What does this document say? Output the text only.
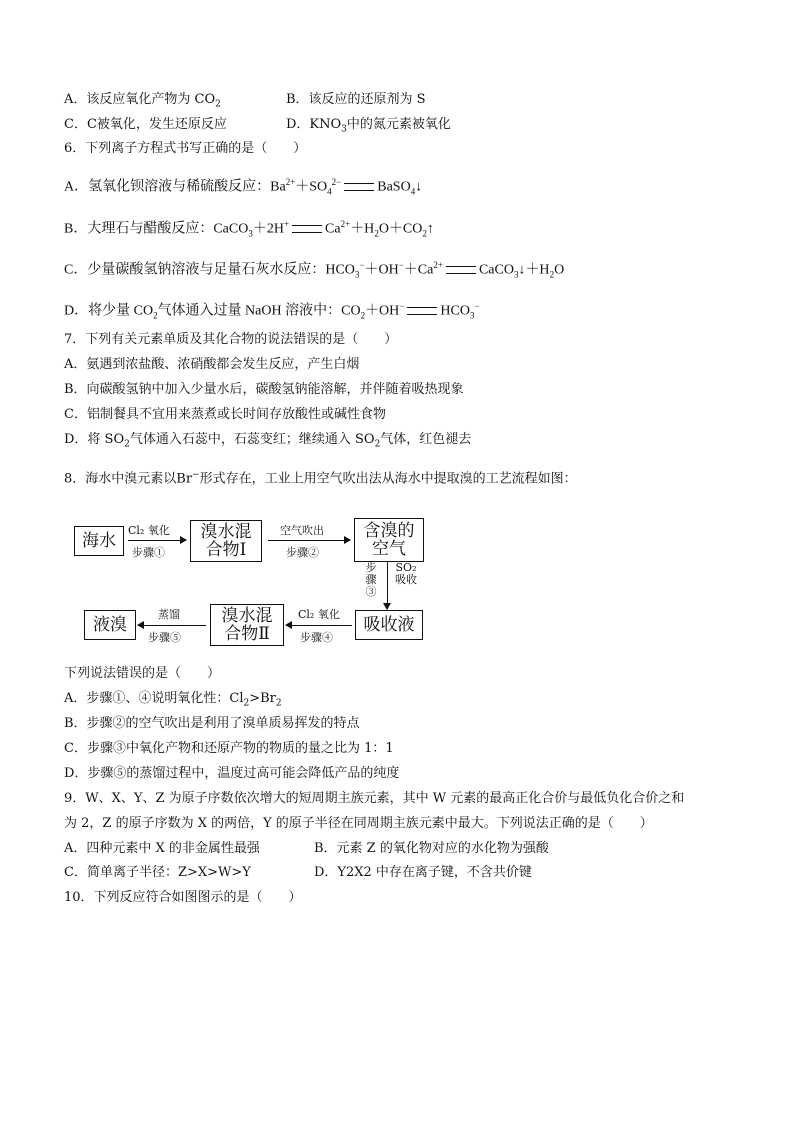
A．该反应氧化产物为 $CO_2$	B．该反应的还原剂为 S
C．C被氧化，发生还原反应	D．$KNO_3$中的氮元素被氧化
6．下列离子方程式书写正确的是（　　）
A．氢氧化钡溶液与稀硫酸反应：$Ba^{2+}+SO_4^{2-}$	BaSO$_4$↓
B．大理石与醋酸反应：CaCO$_3$＋2H+	$Ca^{2+}+H_2O+CO_2↑$
C．少量碳酸氢钠溶液与足量石灰水反应：$HCO_3^-+OH^-+Ca^{2+}$	$CaCO_3↓+H_2O$
D．将少量 $CO_2$气体通入过量 NaOH 溶液中：$CO_2+OH^-$	$HCO_3^-$
7．下列有关元素单质及其化合物的说法错误的是（　　）
A．氨遇到浓盐酸、浓硝酸都会发生反应，产生白烟
B．向碳酸氢钠中加入少量水后，碳酸氢钠能溶解，并伴随着吸热现象
C．铝制餐具不宜用来蒸煮或长时间存放酸性或碱性食物
D．将 $SO_2$气体通入石蕊中，石蕊变红；继续通入 $SO_2$气体，红色褪去
8．海水中溴元素以Br−形式存在，工业上用空气吹出法从海水中提取溴的工艺流程如图：
海水
Cl₂ 氧化
步骤①
溴水混
合物Ⅰ
空气吹出
步骤②
含溴的
空气
步骤③
SO₂吸收
吸收液
Cl₂ 氧化
步骤④
溴水混
合物Ⅱ
蒸馏
步骤⑤
液溴
下列说法错误的是（　　）
A．步骤①、④说明氧化性：$Cl_2>Br_2$
B．步骤②的空气吹出是利用了溴单质易挥发的特点
C．步骤③中氧化产物和还原产物的物质的量之比为 1：1
D．步骤⑤的蒸馏过程中，温度过高可能会降低产品的纯度
9．W、X、Y、Z 为原子序数依次增大的短周期主族元素，其中 W 元素的最高正化合价与最低负化合价之和
为 2，Z 的原子序数为 X 的两倍，Y 的原子半径在同周期主族元素中最大。下列说法正确的是（　　）
A．四种元素中 X 的非金属性最强	B．元素 Z 的氧化物对应的水化物为强酸
C．简单离子半径：Z>X>W>Y	D．Y2X2 中存在离子键，不含共价键
10．下列反应符合如图图示的是（　　）
